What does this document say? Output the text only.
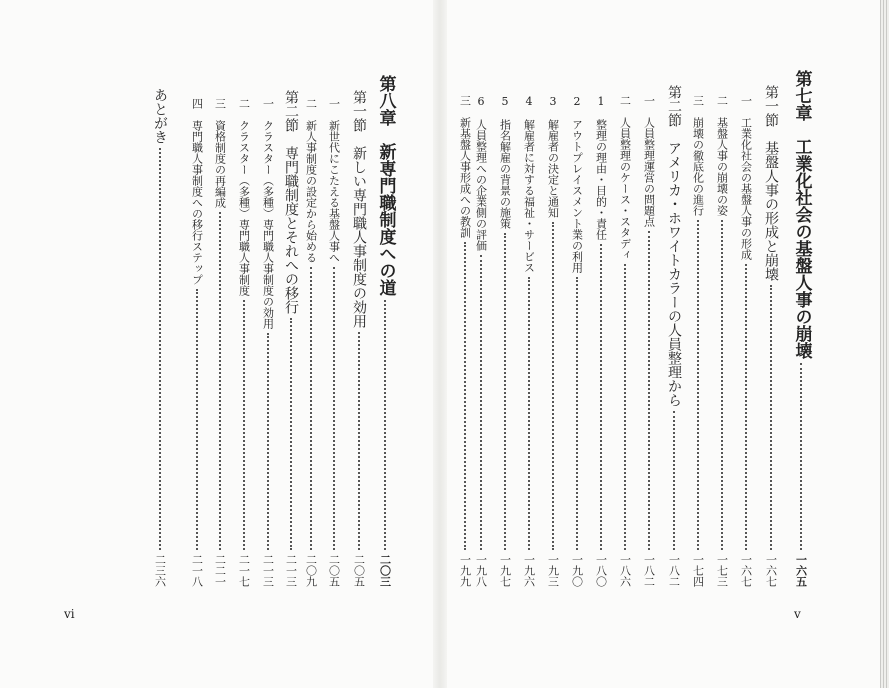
第七章　工業化社会の基盤人事の崩壊
一六五
第一節　基盤人事の形成と崩壊
一六七
一　工業化社会の基盤人事の形成
一六七
二　基盤人事の崩壊の姿
一七三
三　崩壊の徹底化の進行
一七四
第二節　アメリカ・ホワイトカラーの人員整理から
一八二
一　人員整理運営の問題点
一八二
二　人員整理のケース・スタディ
一八六
1　整理の理由・目的・責任
一八〇
2　アウトプレイスメント業の利用
一九〇
3　解雇者の決定と通知
一九三
4　解雇者に対する福祉・サービス
一九六
5　指名解雇の背景の施策
一九七
6　人員整理への企業側の評価
一九八
三　新基盤人事形成への教訓
一九九
第八章　新専門職制度への道
二〇三
第一節　新しい専門職人事制度の効用
二〇五
一　新世代にこたえる基盤人事へ
二〇五
二　新人事制度の設定から始める
二〇九
第二節　専門職制度とそれへの移行
二一三
一　クラスター（多種）専門職人事制度の効用
二一三
二　クラスター（多種）専門職人事制度
二一七
三　資格制度の再編成
二二一
四　専門職人事制度への移行ステップ
二一八
あとがき
二三六
v
vi
